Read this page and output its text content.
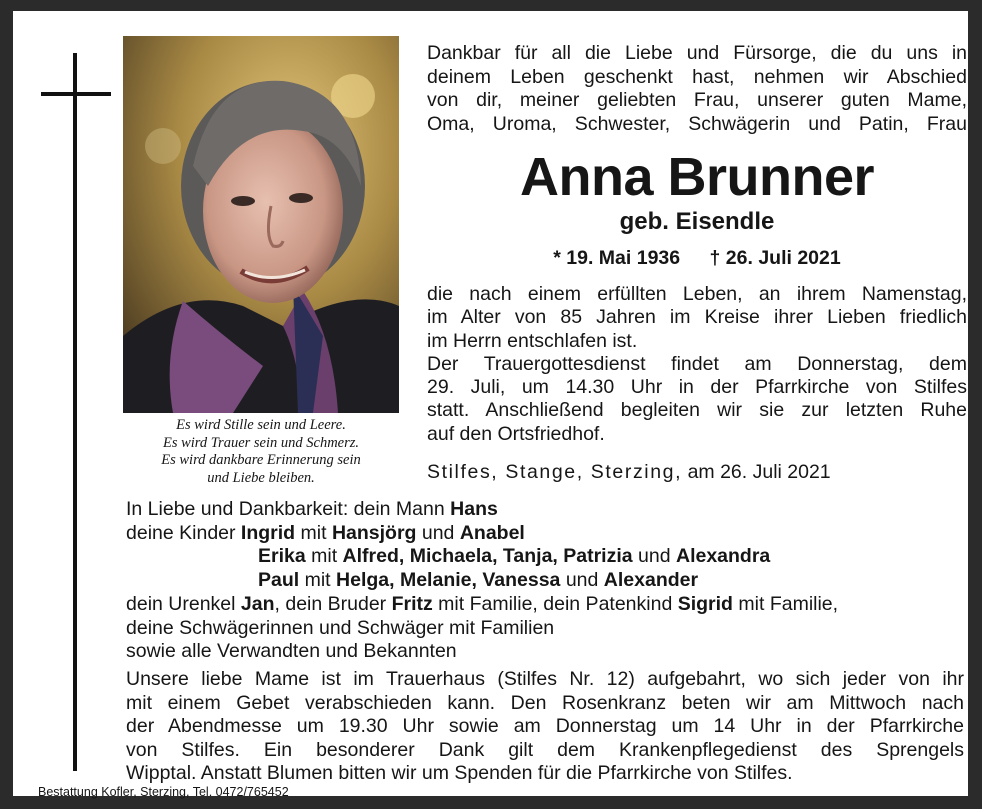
Es wird Stille sein und Leere.
Es wird Trauer sein und Schmerz.
Es wird dankbare Erinnerung sein
und Liebe bleiben.
Dankbar für all die Liebe und Fürsorge, die du uns in
deinem Leben geschenkt hast, nehmen wir Abschied
von dir, meiner geliebten Frau, unserer guten Mame,
Oma, Uroma, Schwester, Schwägerin und Patin, Frau
Anna Brunner
geb. Eisendle
* 19. Mai 1936 † 26. Juli 2021
die nach einem erfüllten Leben, an ihrem Namenstag,
im Alter von 85 Jahren im Kreise ihrer Lieben friedlich
im Herrn entschlafen ist.
Der Trauergottesdienst findet am Donnerstag, dem
29. Juli, um 14.30 Uhr in der Pfarrkirche von Stilfes
statt. Anschließend begleiten wir sie zur letzten Ruhe
auf den Ortsfriedhof.
Stilfes, Stange, Sterzing, am 26. Juli 2021
In Liebe und Dankbarkeit: dein Mann Hans
deine Kinder Ingrid mit Hansjörg und Anabel
Erika mit Alfred, Michaela, Tanja, Patrizia und Alexandra
Paul mit Helga, Melanie, Vanessa und Alexander
dein Urenkel Jan, dein Bruder Fritz mit Familie, dein Patenkind Sigrid mit Familie,
deine Schwägerinnen und Schwäger mit Familien
sowie alle Verwandten und Bekannten
Unsere liebe Mame ist im Trauerhaus (Stilfes Nr. 12) aufgebahrt, wo sich jeder von ihr
mit einem Gebet verabschieden kann. Den Rosenkranz beten wir am Mittwoch nach
der Abendmesse um 19.30 Uhr sowie am Donnerstag um 14 Uhr in der Pfarrkirche
von Stilfes. Ein besonderer Dank gilt dem Krankenpflegedienst des Sprengels
Wipptal. Anstatt Blumen bitten wir um Spenden für die Pfarrkirche von Stilfes.
Bestattung Kofler, Sterzing, Tel. 0472/765452
